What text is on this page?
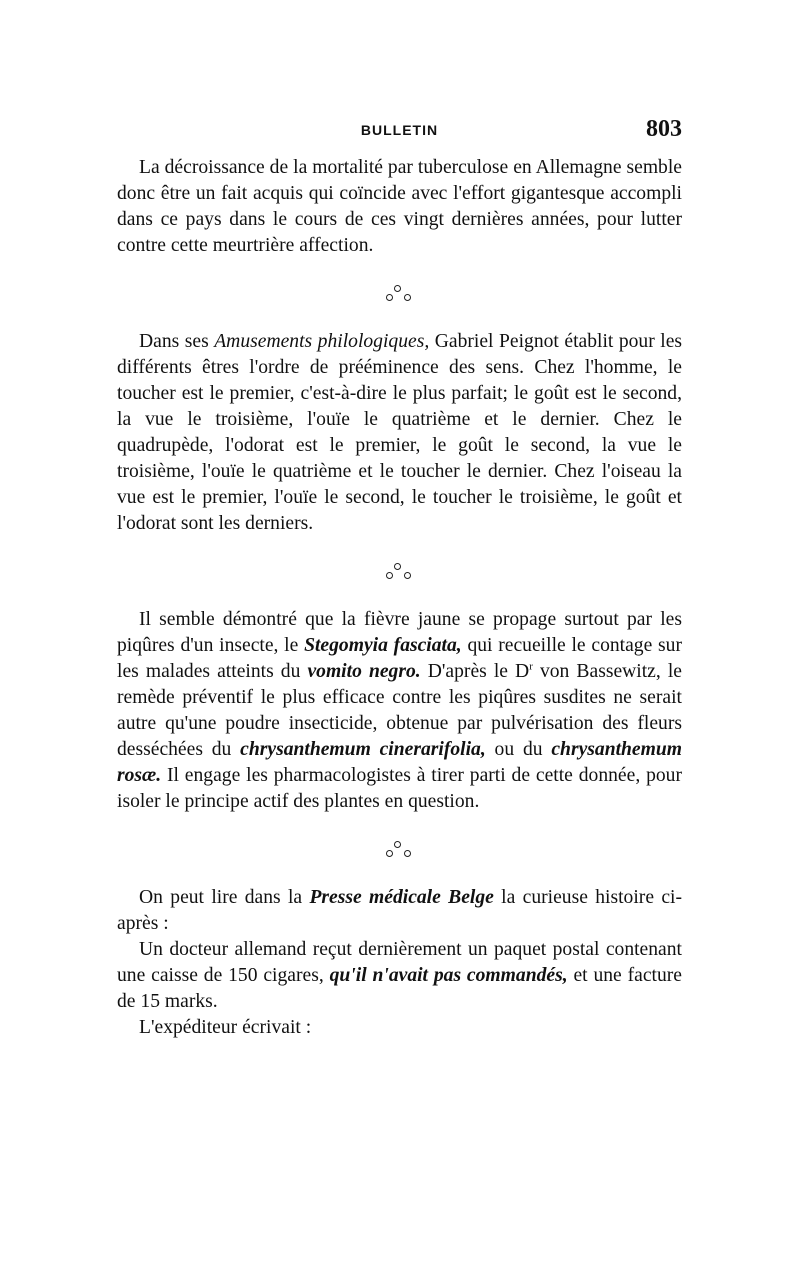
BULLETIN	803

La décroissance de la mortalité par tuberculose en Allemagne semble donc être un fait acquis qui coïncide avec l'effort gigantesque accompli dans ce pays dans le cours de ces vingt dernières années, pour lutter contre cette meurtrière affection.

Dans ses Amusements philologiques, Gabriel Peignot établit pour les différents êtres l'ordre de prééminence des sens. Chez l'homme, le toucher est le premier, c'est-à-dire le plus parfait; le goût est le second, la vue le troisième, l'ouïe le quatrième et le dernier. Chez le quadrupède, l'odorat est le premier, le goût le second, la vue le troisième, l'ouïe le quatrième et le toucher le dernier. Chez l'oiseau la vue est le premier, l'ouïe le second, le toucher le troisième, le goût et l'odorat sont les derniers.

Il semble démontré que la fièvre jaune se propage surtout par les piqûres d'un insecte, le Stegomyia fasciata, qui recueille le contage sur les malades atteints du vomito negro. D'après le $D^r$ von Bassewitz, le remède préventif le plus efficace contre les piqûres susdites ne serait autre qu'une poudre insecticide, obtenue par pulvérisation des fleurs desséchées du chrysanthemum cinerarifolia, ou du chrysanthemum rosæ. Il engage les pharmacologistes à tirer parti de cette donnée, pour isoler le principe actif des plantes en question.

On peut lire dans la Presse médicale Belge la curieuse histoire ci-après :

Un docteur allemand reçut dernièrement un paquet postal contenant une caisse de 150 cigares, qu'il n'avait pas commandés, et une facture de 15 marks.

L'expéditeur écrivait :
